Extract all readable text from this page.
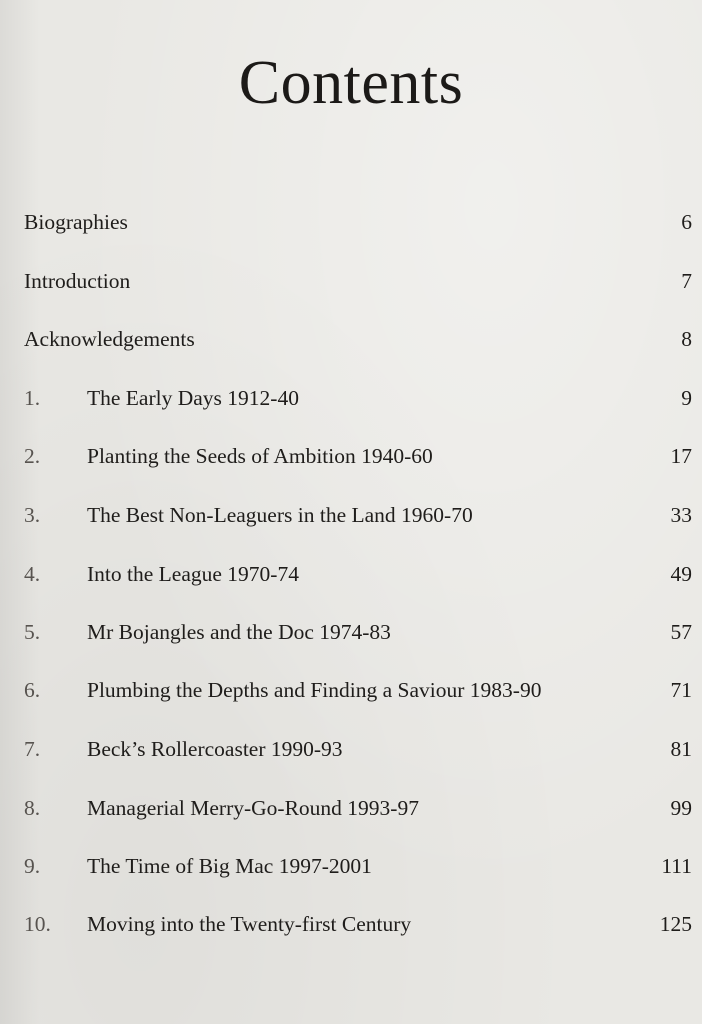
Contents
Biographies	6
Introduction	7
Acknowledgements	8
1.	The Early Days 1912-40	9
2.	Planting the Seeds of Ambition 1940-60	17
3.	The Best Non-Leaguers in the Land 1960-70	33
4.	Into the League 1970-74	49
5.	Mr Bojangles and the Doc 1974-83	57
6.	Plumbing the Depths and Finding a Saviour 1983-90	71
7.	Beck’s Rollercoaster 1990-93	81
8.	Managerial Merry-Go-Round 1993-97	99
9.	The Time of Big Mac 1997-2001	111
10.	Moving into the Twenty-first Century	125
